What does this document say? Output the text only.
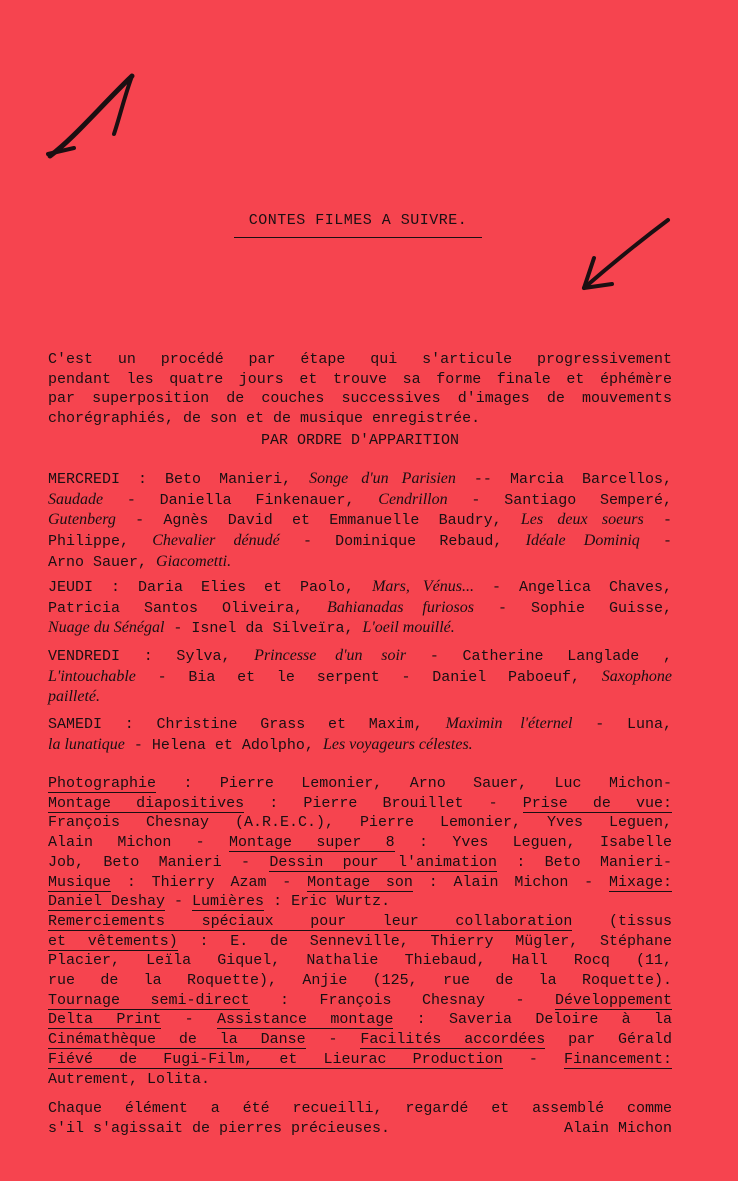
CONTES FILMES A SUIVRE.

C'est un procédé par étape qui s'articule progressivement

pendant les quatre jours et trouve sa forme finale et éphémère

par superposition de couches successives d'images de mouvements

chorégraphiés, de son et de musique enregistrée.

PAR ORDRE D'APPARITION

MERCREDI : Beto Manieri, Songe d'un Parisien -- Marcia Barcellos,

Saudade - Daniella Finkenauer, Cendrillon - Santiago Semperé,

Gutenberg - Agnès David et Emmanuelle Baudry, Les deux soeurs -

Philippe, Chevalier dénudé - Dominique Rebaud, Idéale Dominiq -

Arno Sauer, Giacometti.

JEUDI : Daria Elies et Paolo, Mars, Vénus... - Angelica Chaves,

Patricia Santos Oliveira, Bahianadas furiosos - Sophie Guisse,

Nuage du Sénégal - Isnel da Silveïra, L'oeil mouillé.

VENDREDI : Sylva, Princesse d'un soir - Catherine Langlade ,

L'intouchable - Bia et le serpent - Daniel Paboeuf, Saxophone

pailleté.

SAMEDI : Christine Grass et Maxim, Maximin l'éternel - Luna,

la lunatique - Helena et Adolpho, Les voyageurs célestes.

Photographie : Pierre Lemonier, Arno Sauer, Luc Michon-

Montage diapositives : Pierre Brouillet - Prise de vue:

François Chesnay (A.R.E.C.), Pierre Lemonier, Yves Leguen,

Alain Michon - Montage super 8 : Yves Leguen, Isabelle

Job, Beto Manieri - Dessin pour l'animation : Beto Manieri-

Musique : Thierry Azam - Montage son : Alain Michon - Mixage:

Daniel Deshay - Lumières : Eric Wurtz.

Remerciements spéciaux pour leur collaboration (tissus

et vêtements) : E. de Senneville, Thierry Mügler, Stéphane

Placier, Leïla Giquel, Nathalie Thiebaud, Hall Rocq (11,

rue de la Roquette), Anjie (125, rue de la Roquette).

Tournage semi-direct : François Chesnay - Développement

Delta Print - Assistance montage : Saveria Deloire à la

Cinémathèque de la Danse - Facilités accordées par Gérald

Fiévé de Fugi-Film, et Lieurac Production - Financement:

Autrement, Lolita.

Chaque élément a été recueilli, regardé et assemblé comme

s'il s'agissait de pierres précieuses.	Alain Michon
